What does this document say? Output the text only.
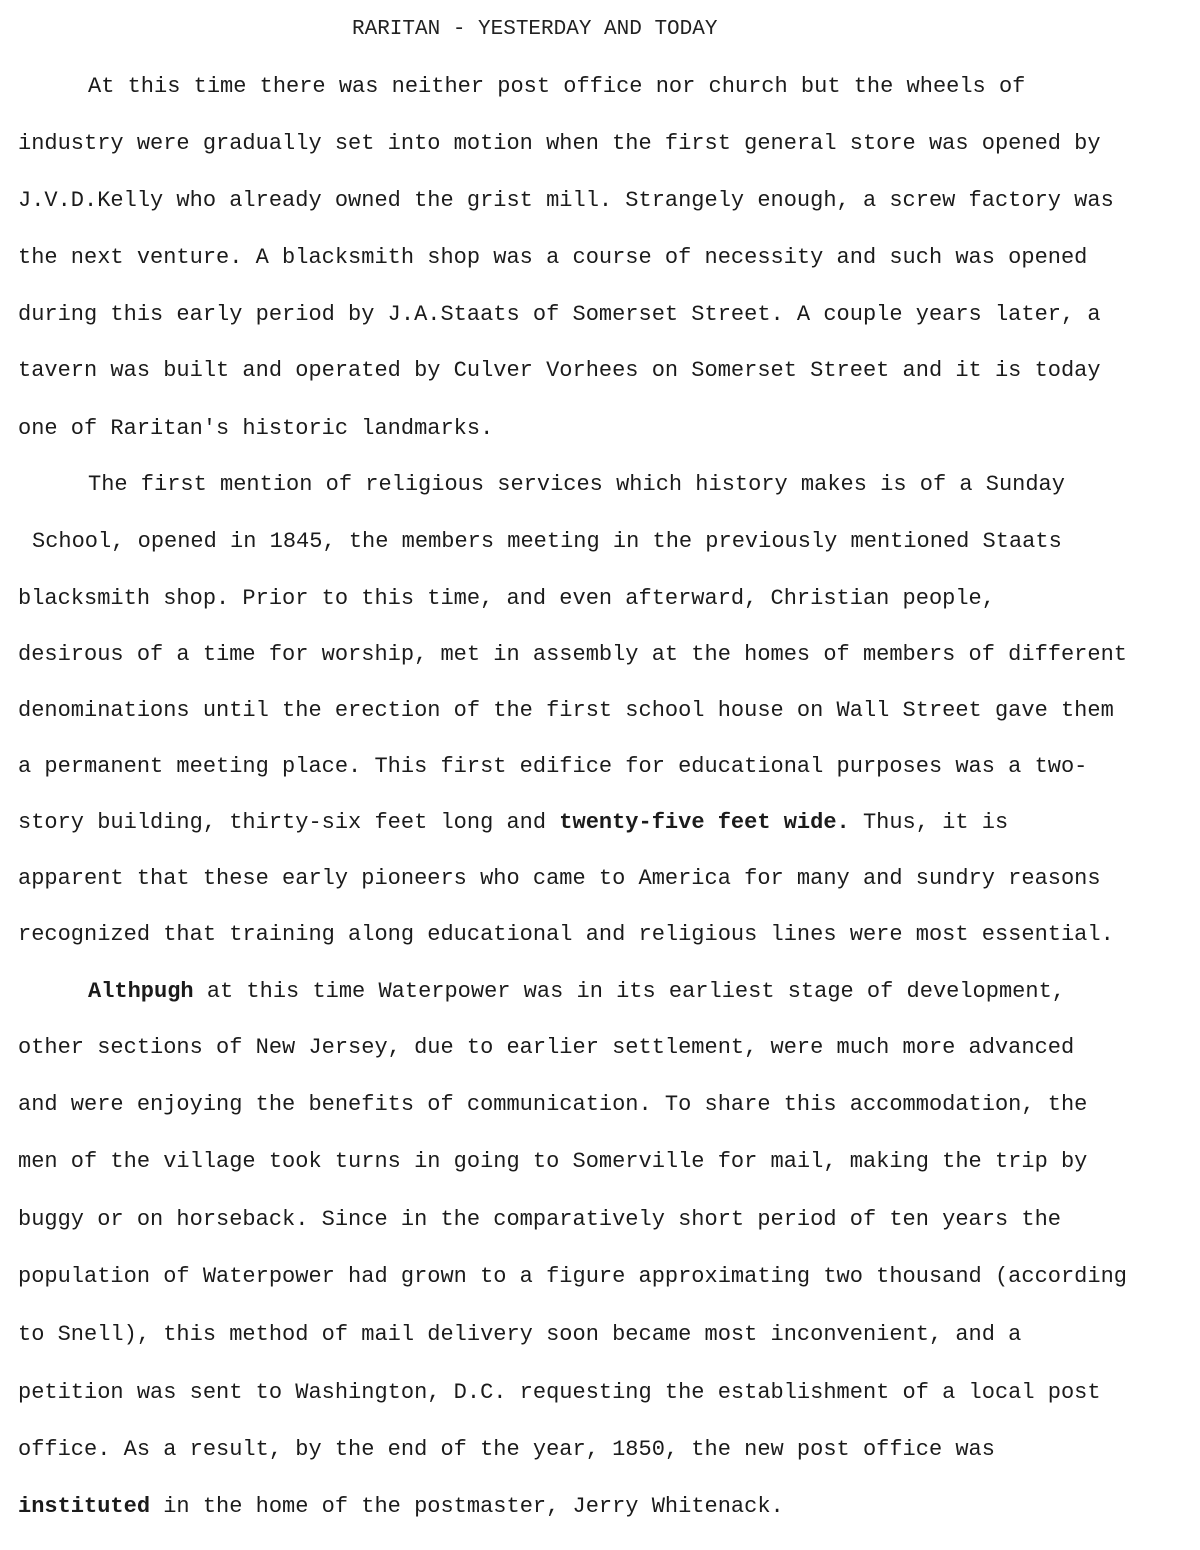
RARITAN - YESTERDAY AND TODAY
At this time there was neither post office nor church but the wheels of
industry were gradually set into motion when the first general store was opened by
J.V.D.Kelly who already owned the grist mill. Strangely enough, a screw factory was
the next venture. A blacksmith shop was a course of necessity and such was opened
during this early period by J.A.Staats of Somerset Street. A couple years later, a
tavern was built and operated by Culver Vorhees on Somerset Street and it is today
one of Raritan's historic landmarks.
The first mention of religious services which history makes is of a Sunday
School, opened in 1845, the members meeting in the previously mentioned Staats
blacksmith shop. Prior to this time, and even afterward, Christian people,
desirous of a time for worship, met in assembly at the homes of members of different
denominations until the erection of the first school house on Wall Street gave them
a permanent meeting place. This first edifice for educational purposes was a two-
story building, thirty-six feet long and twenty-five feet wide. Thus, it is
apparent that these early pioneers who came to America for many and sundry reasons
recognized that training along educational and religious lines were most essential.
Althpugh at this time Waterpower was in its earliest stage of development,
other sections of New Jersey, due to earlier settlement, were much more advanced
and were enjoying the benefits of communication. To share this accommodation, the
men of the village took turns in going to Somerville for mail, making the trip by
buggy or on horseback. Since in the comparatively short period of ten years the
population of Waterpower had grown to a figure approximating two thousand (according
to Snell), this method of mail delivery soon became most inconvenient, and a
petition was sent to Washington, D.C. requesting the establishment of a local post
office. As a result, by the end of the year, 1850, the new post office was
instituted in the home of the postmaster, Jerry Whitenack.
